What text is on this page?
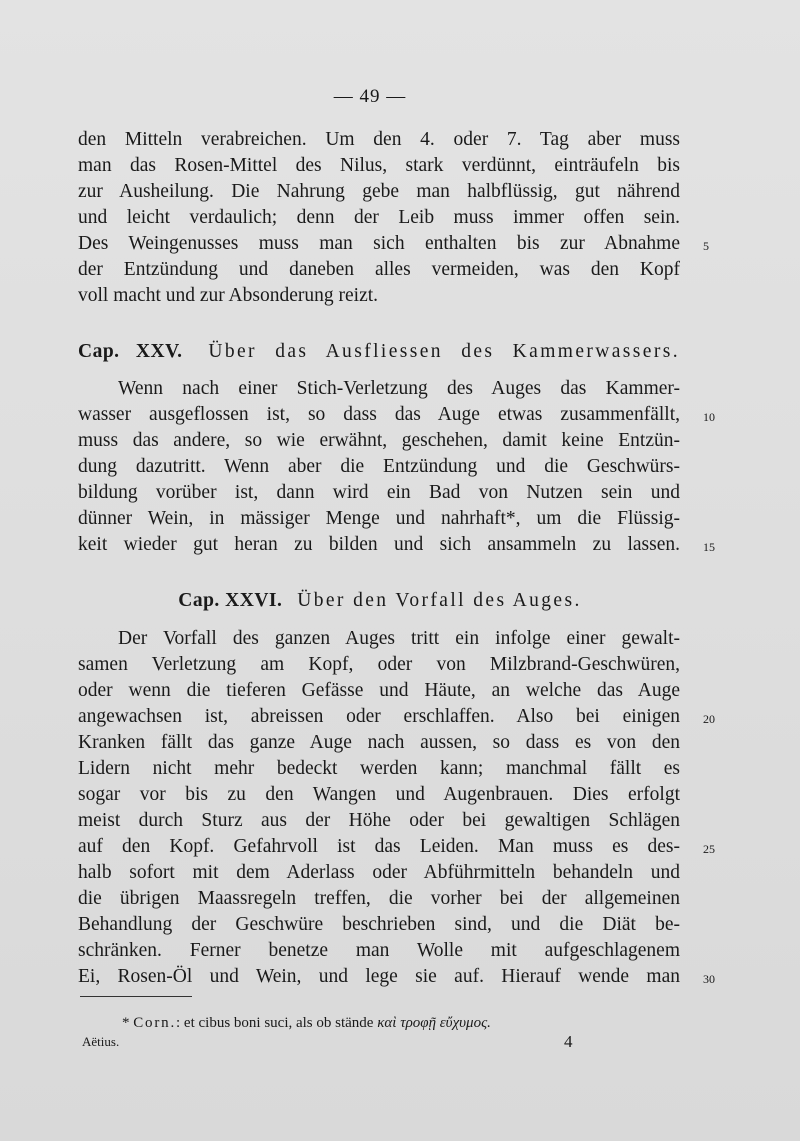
— 49 —
den Mitteln verabreichen. Um den 4. oder 7. Tag aber muss
man das Rosen-Mittel des Nilus, stark verdünnt, einträufeln bis
zur Ausheilung. Die Nahrung gebe man halbflüssig, gut nährend
und leicht verdaulich; denn der Leib muss immer offen sein.
Des Weingenusses muss man sich enthalten bis zur Abnahme
der Entzündung und daneben alles vermeiden, was den Kopf
voll macht und zur Absonderung reizt.
Cap. XXV. Über das Ausfliessen des Kammerwassers.
Wenn nach einer Stich-Verletzung des Auges das Kammer-
wasser ausgeflossen ist, so dass das Auge etwas zusammenfällt,
muss das andere, so wie erwähnt, geschehen, damit keine Entzün-
dung dazutritt. Wenn aber die Entzündung und die Geschwürs-
bildung vorüber ist, dann wird ein Bad von Nutzen sein und
dünner Wein, in mässiger Menge und nahrhaft*, um die Flüssig-
keit wieder gut heran zu bilden und sich ansammeln zu lassen.
Cap. XXVI. Über den Vorfall des Auges.
Der Vorfall des ganzen Auges tritt ein infolge einer gewalt-
samen Verletzung am Kopf, oder von Milzbrand-Geschwüren,
oder wenn die tieferen Gefässe und Häute, an welche das Auge
angewachsen ist, abreissen oder erschlaffen. Also bei einigen
Kranken fällt das ganze Auge nach aussen, so dass es von den
Lidern nicht mehr bedeckt werden kann; manchmal fällt es
sogar vor bis zu den Wangen und Augenbrauen. Dies erfolgt
meist durch Sturz aus der Höhe oder bei gewaltigen Schlägen
auf den Kopf. Gefahrvoll ist das Leiden. Man muss es des-
halb sofort mit dem Aderlass oder Abführmitteln behandeln und
die übrigen Maassregeln treffen, die vorher bei der allgemeinen
Behandlung der Geschwüre beschrieben sind, und die Diät be-
schränken. Ferner benetze man Wolle mit aufgeschlagenem
Ei, Rosen-Öl und Wein, und lege sie auf. Hierauf wende man
5
10
15
20
25
30
* Corn.: et cibus boni suci, als ob stände καὶ τροφῇ εὔχυμος.
Aëtius.	4
